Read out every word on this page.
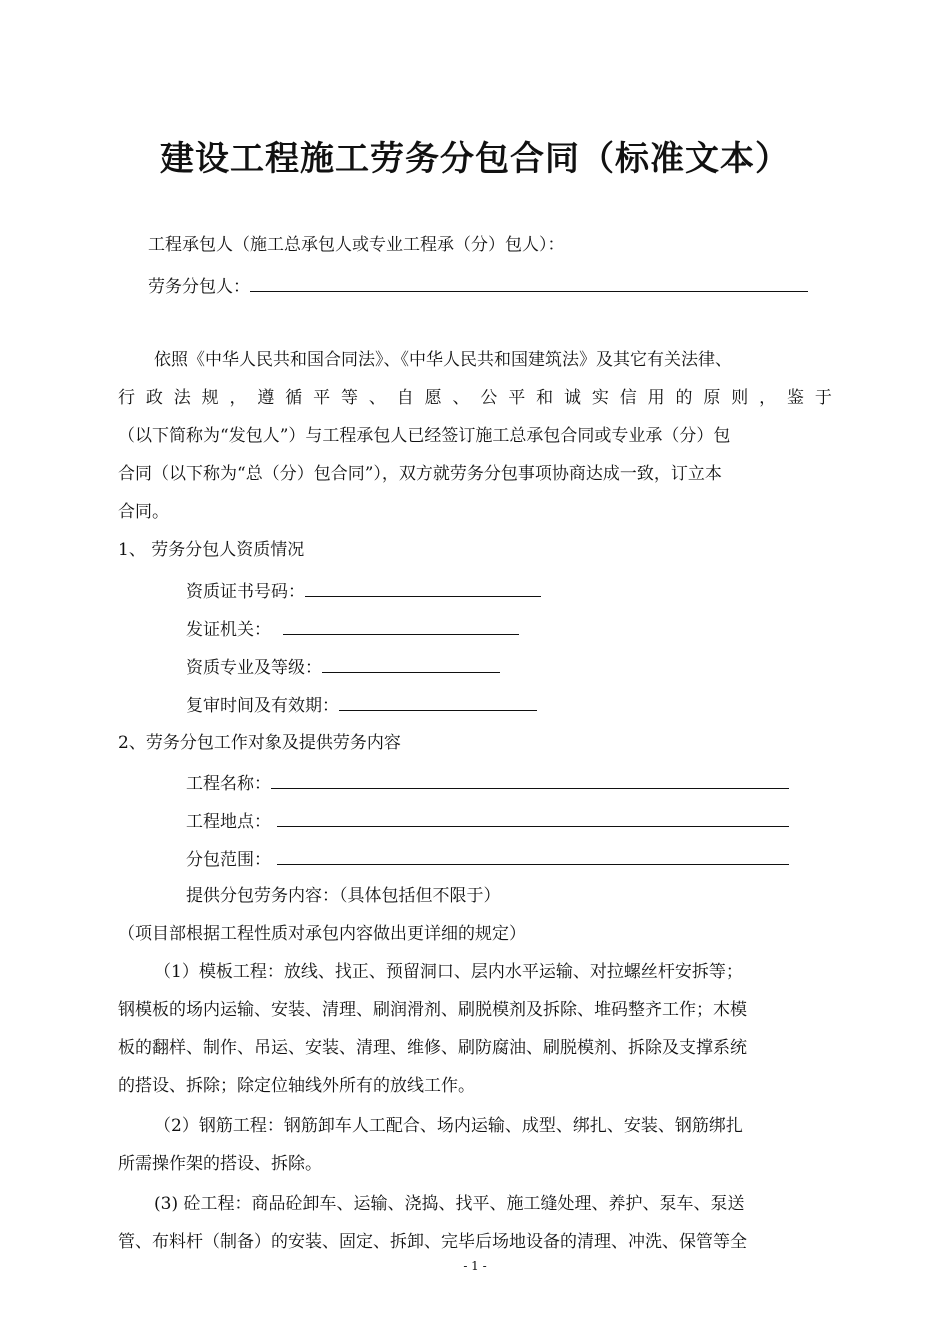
建设工程施工劳务分包合同（标准文本）
工程承包人（施工总承包人或专业工程承（分）包人）：
劳务分包人：
依照《中华人民共和国合同法》、《中华人民共和国建筑法》及其它有关法律、
行 政 法 规 ， 遵 循 平 等 、 自 愿 、 公 平 和 诚 实 信 用 的 原 则 ， 鉴 于
（以下简称为“发包人”）与工程承包人已经签订施工总承包合同或专业承（分）包
合同（以下称为“总（分）包合同”），双方就劳务分包事项协商达成一致，订立本
合同。
1、 劳务分包人资质情况
资质证书号码：
发证机关：
资质专业及等级：
复审时间及有效期：
2、劳务分包工作对象及提供劳务内容
工程名称：
工程地点：
分包范围：
提供分包劳务内容：（具体包括但不限于）
（项目部根据工程性质对承包内容做出更详细的规定）
（1）模板工程：放线、找正、预留洞口、层内水平运输、对拉螺丝杆安拆等；
钢模板的场内运输、安装、清理、刷润滑剂、刷脱模剂及拆除、堆码整齐工作；木模
板的翻样、制作、吊运、安装、清理、维修、刷防腐油、刷脱模剂、拆除及支撑系统
的搭设、拆除；除定位轴线外所有的放线工作。
（2）钢筋工程：钢筋卸车人工配合、场内运输、成型、绑扎、安装、钢筋绑扎
所需操作架的搭设、拆除。
(3) 砼工程：商品砼卸车、运输、浇捣、找平、施工缝处理、养护、泵车、泵送
管、布料杆（制备）的安装、固定、拆卸、完毕后场地设备的清理、冲洗、保管等全
- 1 -
